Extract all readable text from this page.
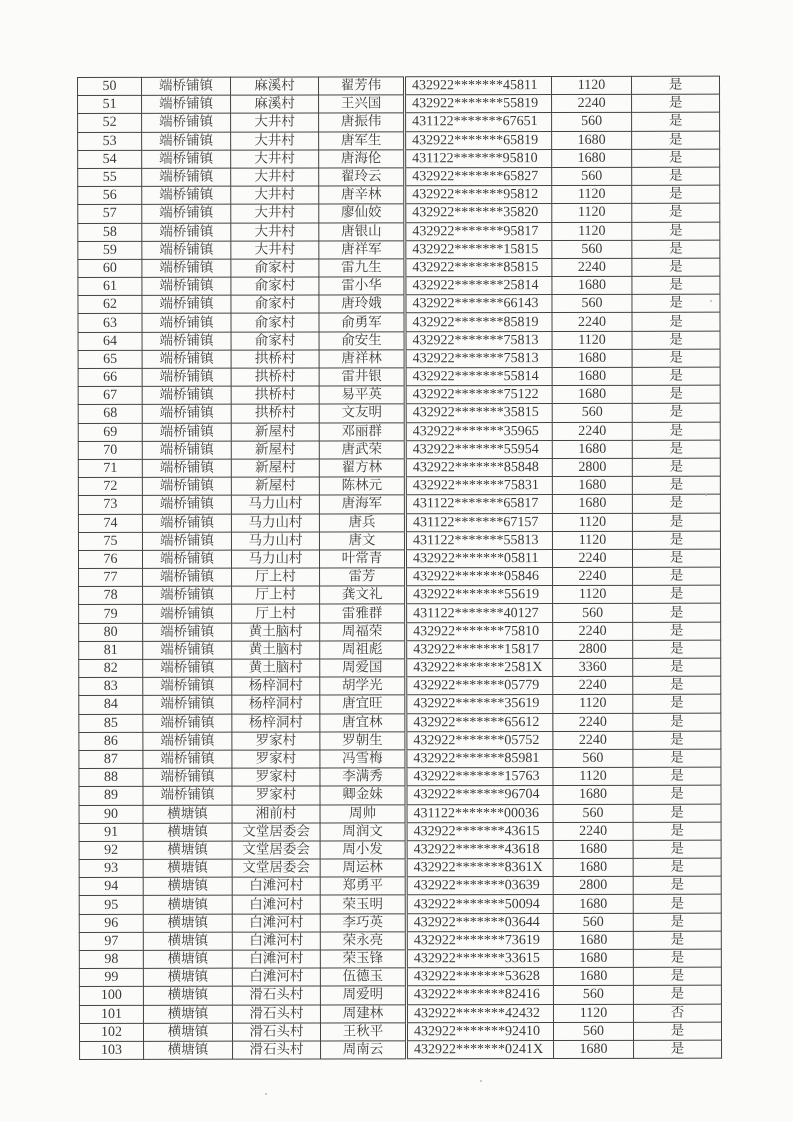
50	端桥铺镇	麻溪村	翟芳伟	432922*******45811	1120	是
51	端桥铺镇	麻溪村	王兴国	432922*******55819	2240	是
52	端桥铺镇	大井村	唐振伟	431122*******67651	560	是
53	端桥铺镇	大井村	唐军生	432922*******65819	1680	是
54	端桥铺镇	大井村	唐海伦	431122*******95810	1680	是
55	端桥铺镇	大井村	翟玲云	432922*******65827	560	是
56	端桥铺镇	大井村	唐辛林	432922*******95812	1120	是
57	端桥铺镇	大井村	廖仙姣	432922*******35820	1120	是
58	端桥铺镇	大井村	唐银山	432922*******95817	1120	是
59	端桥铺镇	大井村	唐祥军	432922*******15815	560	是
60	端桥铺镇	俞家村	雷九生	432922*******85815	2240	是
61	端桥铺镇	俞家村	雷小华	432922*******25814	1680	是
62	端桥铺镇	俞家村	唐玲娥	432922*******66143	560	是
63	端桥铺镇	俞家村	俞勇军	432922*******85819	2240	是
64	端桥铺镇	俞家村	俞安生	432922*******75813	1120	是
65	端桥铺镇	拱桥村	唐祥林	432922*******75813	1680	是
66	端桥铺镇	拱桥村	雷井银	432922*******55814	1680	是
67	端桥铺镇	拱桥村	易平英	432922*******75122	1680	是
68	端桥铺镇	拱桥村	文友明	432922*******35815	560	是
69	端桥铺镇	新屋村	邓丽群	432922*******35965	2240	是
70	端桥铺镇	新屋村	唐武荣	432922*******55954	1680	是
71	端桥铺镇	新屋村	翟方林	432922*******85848	2800	是
72	端桥铺镇	新屋村	陈林元	432922*******75831	1680	是
73	端桥铺镇	马力山村	唐海军	431122*******65817	1680	是
74	端桥铺镇	马力山村	唐兵	431122*******67157	1120	是
75	端桥铺镇	马力山村	唐文	431122*******55813	1120	是
76	端桥铺镇	马力山村	叶常青	432922*******05811	2240	是
77	端桥铺镇	厅上村	雷芳	432922*******05846	2240	是
78	端桥铺镇	厅上村	龚文礼	432922*******55619	1120	是
79	端桥铺镇	厅上村	雷雅群	431122*******40127	560	是
80	端桥铺镇	黄土脑村	周福荣	432922*******75810	2240	是
81	端桥铺镇	黄土脑村	周祖彪	432922*******15817	2800	是
82	端桥铺镇	黄土脑村	周爱国	432922*******2581X	3360	是
83	端桥铺镇	杨梓洞村	胡学光	432922*******05779	2240	是
84	端桥铺镇	杨梓洞村	唐宜旺	432922*******35619	1120	是
85	端桥铺镇	杨梓洞村	唐宜林	432922*******65612	2240	是
86	端桥铺镇	罗家村	罗朝生	432922*******05752	2240	是
87	端桥铺镇	罗家村	冯雪梅	432922*******85981	560	是
88	端桥铺镇	罗家村	李满秀	432922*******15763	1120	是
89	端桥铺镇	罗家村	卿金妹	432922*******96704	1680	是
90	横塘镇	湘前村	周帅	431122*******00036	560	是
91	横塘镇	文堂居委会	周润文	432922*******43615	2240	是
92	横塘镇	文堂居委会	周小发	432922*******43618	1680	是
93	横塘镇	文堂居委会	周运林	432922*******8361X	1680	是
94	横塘镇	白滩河村	郑勇平	432922*******03639	2800	是
95	横塘镇	白滩河村	荣玉明	432922*******50094	1680	是
96	横塘镇	白滩河村	李巧英	432922*******03644	560	是
97	横塘镇	白滩河村	荣永亮	432922*******73619	1680	是
98	横塘镇	白滩河村	荣玉锋	432922*******33615	1680	是
99	横塘镇	白滩河村	伍德玉	432922*******53628	1680	是
100	横塘镇	滑石头村	周爱明	432922*******82416	560	是
101	横塘镇	滑石头村	周建林	432922*******42432	1120	否
102	横塘镇	滑石头村	王秋平	432922*******92410	560	是
103	横塘镇	滑石头村	周南云	432922*******0241X	1680	是
